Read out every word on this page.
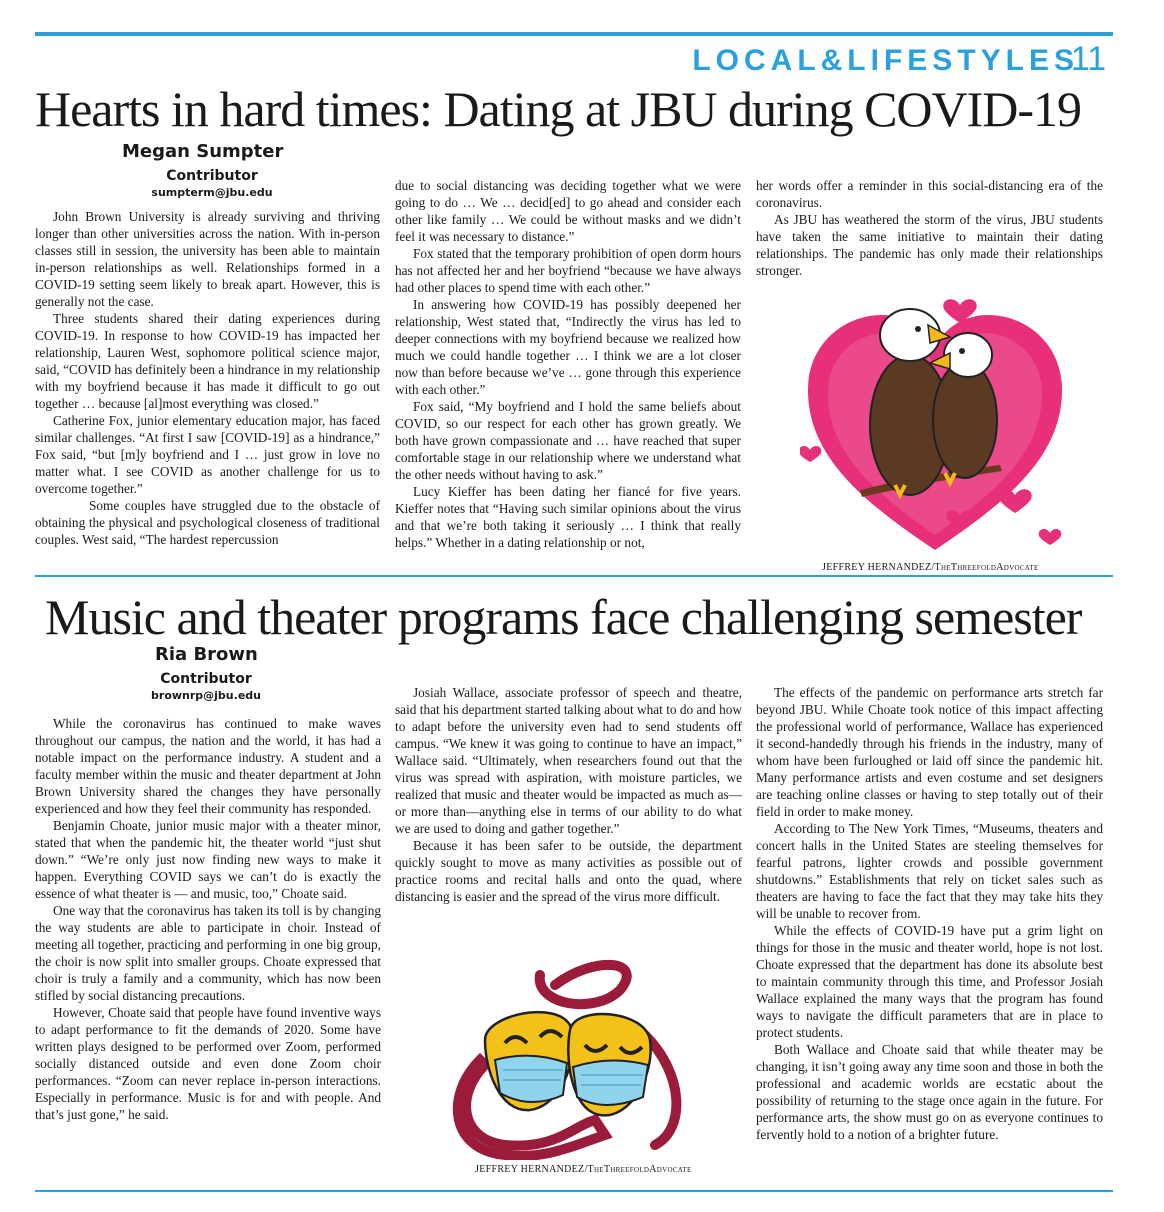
LOCAL&LIFESTYLES
11
Hearts in hard times: Dating at JBU during COVID-19
Megan Sumpter
Contributor
sumpterm@jbu.edu

John Brown University is already surviving and thriving longer than other universities across the nation. With in-person classes still in session, the university has been able to maintain in-person relationships as well. Relationships formed in a COVID-19 setting seem likely to break apart. However, this is generally not the case.

Three students shared their dating experiences during COVID-19. In response to how COVID-19 has impacted her relationship, Lauren West, sophomore political science major, said, “COVID has definitely been a hindrance in my relationship with my boyfriend because it has made it difficult to go out together … because [al]most everything was closed.”

Catherine Fox, junior elementary education major, has faced similar challenges. “At first I saw [COVID-19] as a hindrance,” Fox said, “but [m]y boyfriend and I … just grow in love no matter what. I see COVID as another challenge for us to overcome together.”

Some couples have struggled due to the obstacle of obtaining the physical and psychological closeness of traditional couples. West said, “The hardest repercussion

due to social distancing was deciding together what we were going to do … We … decid[ed] to go ahead and consider each other like family … We could be without masks and we didn’t feel it was necessary to distance.”

Fox stated that the temporary prohibition of open dorm hours has not affected her and her boyfriend “because we have always had other places to spend time with each other.”

In answering how COVID-19 has possibly deepened her relationship, West stated that, “Indirectly the virus has led to deeper connections with my boyfriend because we realized how much we could handle together … I think we are a lot closer now than before because we’ve … gone through this experience with each other.”

Fox said, “My boyfriend and I hold the same beliefs about COVID, so our respect for each other has grown greatly. We both have grown compassionate and … have reached that super comfortable stage in our relationship where we understand what the other needs without having to ask.”

Lucy Kieffer has been dating her fiancé for five years. Kieffer notes that “Having such similar opinions about the virus and that we’re both taking it seriously … I think that really helps.” Whether in a dating relationship or not,

her words offer a reminder in this social-distancing era of the coronavirus.

As JBU has weathered the storm of the virus, JBU students have taken the same initiative to maintain their dating relationships. The pandemic has only made their relationships stronger.

JEFFREY HERNANDEZ/TheThreefoldAdvocate
Music and theater programs face challenging semester
Ria Brown
Contributor
brownrp@jbu.edu

While the coronavirus has continued to make waves throughout our campus, the nation and the world, it has had a notable impact on the performance industry. A student and a faculty member within the music and theater department at John Brown University shared the changes they have personally experienced and how they feel their community has responded.

Benjamin Choate, junior music major with a theater minor, stated that when the pandemic hit, the theater world “just shut down.” “We’re only just now finding new ways to make it happen. Everything COVID says we can’t do is exactly the essence of what theater is — and music, too,” Choate said.

One way that the coronavirus has taken its toll is by changing the way students are able to participate in choir. Instead of meeting all together, practicing and performing in one big group, the choir is now split into smaller groups. Choate expressed that choir is truly a family and a community, which has now been stifled by social distancing precautions.

However, Choate said that people have found inventive ways to adapt performance to fit the demands of 2020. Some have written plays designed to be performed over Zoom, performed socially distanced outside and even done Zoom choir performances. “Zoom can never replace in-person interactions. Especially in performance. Music is for and with people. And that’s just gone,” he said.

Josiah Wallace, associate professor of speech and theatre, said that his department started talking about what to do and how to adapt before the university even had to send students off campus. “We knew it was going to continue to have an impact,” Wallace said. “Ultimately, when researchers found out that the virus was spread with aspiration, with moisture particles, we realized that music and theater would be impacted as much as—or more than—anything else in terms of our ability to do what we are used to doing and gather together.”

Because it has been safer to be outside, the department quickly sought to move as many activities as possible out of practice rooms and recital halls and onto the quad, where distancing is easier and the spread of the virus more difficult.

The effects of the pandemic on performance arts stretch far beyond JBU. While Choate took notice of this impact affecting the professional world of performance, Wallace has experienced it second-handedly through his friends in the industry, many of whom have been furloughed or laid off since the pandemic hit. Many performance artists and even costume and set designers are teaching online classes or having to step totally out of their field in order to make money.

According to The New York Times, “Museums, theaters and concert halls in the United States are steeling themselves for fearful patrons, lighter crowds and possible government shutdowns.” Establishments that rely on ticket sales such as theaters are having to face the fact that they may take hits they will be unable to recover from.

While the effects of COVID-19 have put a grim light on things for those in the music and theater world, hope is not lost. Choate expressed that the department has done its absolute best to maintain community through this time, and Professor Josiah Wallace explained the many ways that the program has found ways to navigate the difficult parameters that are in place to protect students.

Both Wallace and Choate said that while theater may be changing, it isn’t going away any time soon and those in both the professional and academic worlds are ecstatic about the possibility of returning to the stage once again in the future. For performance arts, the show must go on as everyone continues to fervently hold to a notion of a brighter future.

JEFFREY HERNANDEZ/TheThreefoldAdvocate
